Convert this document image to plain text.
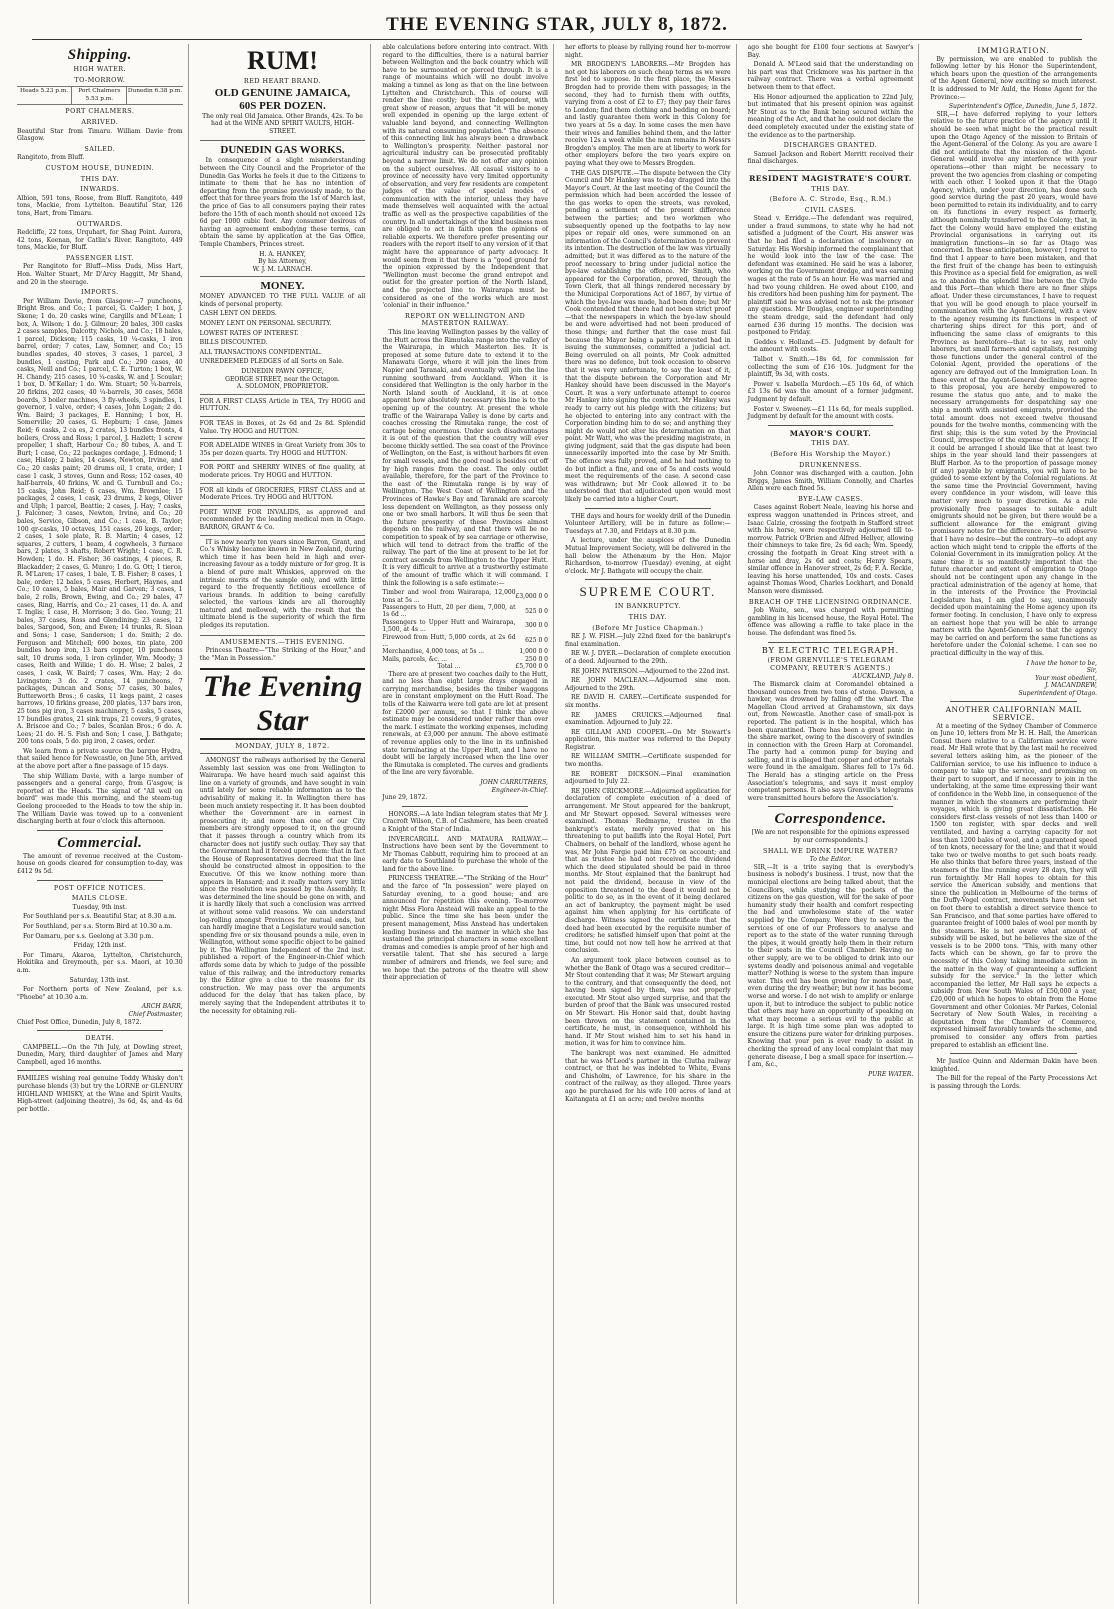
THE EVENING STAR, JULY 8, 1872.
Shipping.
HIGH WATER.
TO-MORROW.
Heads 5.23 p.m.	Port Chalmers 5.53 p.m.
Dunedin 6.38 p.m.
PORT CHALMERS.
ARRIVED.

Beautiful Star from Timaru. William Davie from Glasgow.

SAILED.

Rangitoto, from Bluff.

CUSTOM HOUSE, DUNEDIN.
THIS DAY.
INWARDS.

Albion, 591 tons, Roose, from Bluff. Rangitoto, 449 tons, Mackie, from Lyttelton. Beautiful Star, 126 tons, Hart, from Timaru.

OUTWARDS.

Redcliffe, 22 tons, Urquhart, for Shag Point. Aurora, 42 tons, Keenan, for Catlin's River. Rangitoto, 449 tons, Mackie, for Bluff.

PASSENGER LIST.

Per Rangitoto for Bluff—Miss Duds, Miss Hart, Hon. Walter Stuart, Mr D'Arcy Haggitt, Mr Shand, and 20 in the steerage.

IMPORTS.

Per William Davie, from Glasgow:—7 puncheons, Bright Bros. and Co.; 1 parcel, G. Calder; 1 box, J. Skene; 1 do. 20 casks wine, Cargills and M'Lean; 1 box, A. Wilson; 1 do. J. Gilmour; 20 bales, 300 casks 2 cases samples, Dalcotty, Nichols, and Co.; 18 bales, 1 parcel, Dickson; 115 casks, 10 ¼-casks, 1 iron barrel, order; 7 cates, Law, Somner, and Co.; 15 bundles spades, 40 stoves, 3 cases, 1 parcel, 3 bundles, 1 casting, Park and Co.; 290 cases, 40 casks, Neill and Co.; 1 parcel, C. E. Turton; 1 box, W. H. Chandy; 215 cases, 10 ¼-casks, W. and J. Scoular; 1 box, D. M'Kellar; 1 do. Wm. Stuart; 50 ¼-barrels, 20 firkins, 202 cases, 40 ¼-barrels, 30 cases, 5658 boards, 3 boiler machines, 3 fly-wheels, 3 spindles, 1 governor, 1 valve, order; 4 cases, John Logan; 2 do. Wm. Baird; 3 packages, E. Hanning; 1 box, H. Somerville; 20 cases, G. Hepburn; 1 case, James Reid; 6 casks, 2 ca es, 2 crates, 13 bundles fronts, 4 boilers, Cross and Ross; 1 parcel, J. Hazlett; 1 screw propeller, 1 shaft, Harbour Co.; 80 tubes, A. and T. Burt; 1 case, Co.; 22 packages cordage, J. Edmond; 1 case, Hislop; 2 bales, 14 cases, Newton, Irvine, and Co.; 20 casks paint; 20 drums oil, 1 crate, order; 1 case 1 cask, 3 stoves, Gunn and Ross; 152 cases, 40 half-barrels, 40 firkins, W. and G. Turnbull and Co.; 15 casks, John Reid; 6 cases, Wm. Brownlee; 15 packages, 2 cases, 1 cask, 23 drums, 2 kegs, Oliver and Ulph; 1 parcel, Beattie; 2 cases, J. Hay; 7 casks, J. Falconer; 3 cases, Newton, Irvine, and Co.; 20 bales, Service, Gibson, and Co.; 1 case, B. Taylor; 100 qr-casks, 10 octaves, 151 cases, 20 kegs, order; 2 cases, 1 sole plate, R. B. Martin; 4 cases, 12 squares, 2 cutters, 1 beam, 4 cogwheels, 3 furnace bars, 2 plates, 3 shafts, Robert Wright; 1 case, C. R. Howden; 1 do. H. Fisher; 36 castings, 4 pieces, R. Blackadder; 2 cases, G. Munro; 1 do. G. Ott; 1 tierce, R. M'Laren; 17 cases, 1 bale, T. B. Fisher; 8 cases, 1 bale, order; 12 bales, 5 cases, Herbert, Haynes, and Co.; 10 cases, 5 bales, Mair and Garven; 3 cases, 1 bale, 2 rolls, Brown, Ewing, and Co.; 29 bales, 47 cases, Ring, Harris, and Co.; 21 cases, 11 do. A. and T. Inglis; 1 case, H. Morrison; 3 do. Geo. Young; 21 bales, 37 cases, Ross and Glendining; 23 cases, 12 bales, Sargood, Son, and Ewen; 14 trunks, R. Sloan and Sons; 1 case, Sanderson; 1 do. Smith; 2 do. Ferguson and Mitchell; 690 boxes, tin plate, 200 bundles hoop iron, 13 bars copper, 10 puncheons salt, 10 drums soda, 1 iron cylinder, Wm. Moody; 3 cases, Reith and Wilkie; 1 do. H. Wise; 2 bales, 2 cases, 1 cask, W. Baird; 7 cases, Wm. Hay; 2 do. Livingston; 3 do. 2 crates, 14 puncheons, 7 packages, Duncan and Sons; 57 cases, 30 bales, Butterworth Bros.; 6 casks, 11 kegs paint, 2 cases harrows, 10 firkins grease, 200 plates, 137 bars iron, 25 tons pig iron, 3 cases machinery, 5 casks, 5 cases, 17 bundles grates, 21 sink traps, 21 covers, 9 grates, A. Briscoe and Co.; 7 bales, Scanlan Bros.; 6 do. A. Lees; 21 do. H. S. Fish and Son; 1 case, J. Bathgate; 200 tons coals, 5 do. pig iron, 2 cases, order.

We learn from a private source the barque Hydra, that sailed hence for Newcastle, on June 5th, arrived at the above port after a fine passage of 15 days.

The ship William Davie, with a large number of passengers and a general cargo, from G'asgow, is reported at the Heads. The signal of "All well on board" was made this morning, and the steam-tug Geelong proceeded to the Heads to tow the ship in. The William Davie was towed up to a convenient discharging berth at four o'clock this afternoon.

Commercial.

The amount of revenue received at the Custom-house on goods cleared for consumption to-day, was £412 9s 5d.

POST OFFICE NOTICES.
MAILS CLOSE.

Tuesday, 9th inst.

For Southland per s.s. Beautiful Star, at 8.30 a.m.

For Southland, per s.s. Storm Bird at 10.30 a.m.

For Oamaru, per s.s. Geelong at 3.30 p.m.

Friday, 12th inst.

For Timaru, Akaroa, Lyttelton, Christchurch, Hokitika and Greymouth, per s.s. Maori, at 10.30 a.m.

Saturday, 13th inst.

For Northern ports of New Zealand, per s.s. "Phoebe" at 10.30 a.m.

ARCH BARR,
Chief Postmaster,

Chief Post Office, Dunedin, July 8, 1872.

DEATH.

CAMPBELL.—On the 7th July, at Dowling street, Dunedin, Mary, third daughter of James and Mary Campbell, aged 16 months.

FAMILIES wishing real genuine Toddy Whisky don't purchase blends (3) but try the LORNE or GLENURY HIGHLAND WHISKY, at the Wine and Spirit Vaults, High-street (adjoining theatre), 3s 6d, 4s, and 4s 6d per bottle.

RUM!
RED HEART BRAND.
OLD GENUINE JAMAICA,
60S PER DOZEN.

The only real Old Jamaica. Other Brands, 42s. To be had at the WINE AND SPIRIT VAULTS, HIGH-STREET.

DUNEDIN GAS WORKS.

In consequence of a slight misunderstanding between the City Council and the Proprietor of the Dunedin Gas Works he feels it due to the Citizens to intimate to them that he has no intention of departing from the promise previously made, to the effect that for three years from the 1st of March last, the price of Gas to all consumers paying their rates before the 15th of each month should not exceed 12s 6d per 1000 cubic feet. Any consumer desirous of having an agreement embodying these terms, can obtain the same by application at the Gas Office, Temple Chambers, Princes street.

H. A. HANKEY,
By his Attorney,
W. J. M. LARNACH.
MONEY.

MONEY ADVANCED TO THE FULL VALUE of all kinds of personal property.

CASH LENT ON DEEDS.

MONEY LENT ON PERSONAL SECURITY.

LOWEST RATES OF INTEREST.

BILLS DISCOUNTED.

ALL TRANSACTIONS CONFIDENTIAL.

UNREDEEMED PLEDGES of all Sorts on Sale.

DUNEDIN PAWN OFFICE,
GEORGE STREET, near the Octagon.
A. SOLOMON, PROPRIETOR.
FOR A FIRST CLASS Article in TEA, Try HOGG and HUTTON.
FOR TEAS in Boxes, at 2s 6d and 2s 8d. Splendid Value. Try HOGG and HUTTON.
FOR ADELAIDE WINES in Great Variety from 30s to 35s per dozen quarts. Try HOGG and HUTTON.
FOR PORT and SHERRY WINES of fine quality, at moderate prices. Try HOGG and HUTTON.
FOR all kinds of GROCERIES, FIRST CLASS and at Moderate Prices. Try HOGG and HUTTON.
PORT WINE FOR INVALIDS, as approved and recommended by the leading medical men in Otago. BARRON, GRANT & Co.

IT is now nearly ten years since Barron, Grant, and Co.'s Whisky became known in New Zealand, during which time it has been held in high and ever-increasing favour as a toddy mixture or for grog. It is a blend of pure malt Whiskies, approved on the intrinsic merits of the sample only, and with little regard to the frequently fictitious excellence of various brands. In addition to being carefully selected, the various kinds are all thoroughly matured and mellowed, with the result that the ultimate blend is the superiority of which the firm pledges its reputation.

AMUSEMENTS.—THIS EVENING.

Princess Theatre—"The Striking of the Hour," and the "Man in Possession."

The Evening Star
MONDAY, JULY 8, 1872.

AMONGST the railways authorised by the General Assembly last session was one from Wellington to Wairarapa. We have heard much said against this line on a variety of grounds, and have sought in vain until lately for some reliable information as to the advisability of making it. In Wellington there has been much anxiety respecting it. It has been doubted whether the Government are in earnest in prosecuting it; and more than one of our City members are strongly opposed to it, on the ground that it passes through a country which from its character does not justify such outlay. They say that the Government had it forced upon them: that in fact the House of Representatives decreed that the line should be constructed almost in opposition to the Executive. Of this we know nothing more than appears in Hansard; and it really matters very little since the resolution was passed by the Assembly. It was determined the line should be gone on with, and it is hardly likely that such a conclusion was arrived at without some valid reasons. We can understand log-rolling amongst Provinces for mutual ends, but can hardly imagine that a Legislature would sanction spending five or six thousand pounds a mile, even in Wellington, without some specific object to be gained by it. The Wellington Independent of the 2nd inst. published a report of the Engineer-in-Chief which affords some data by which to judge of the possible value of this railway, and the introductory remarks by the Editor give a clue to the reasons for its construction. We may pass over the arguments adduced for the delay that has taken place, by merely saying that the Independent attributes it to the necessity for obtaining reli-

able calculations before entering into contract. With regard to the difficulties, there is a natural barrier between Wellington and the back country which will have to be surmounted or pierced through. It is a range of mountains which will no doubt involve making a tunnel as long as that on the line between Lyttelton and Christchurch. This of course will render the line costly; but the Independent, with great show of reason, argues that "it will be money well expended in opening up the large extent of valuable land beyond, and connecting Wellington with its natural consuming population." The absence of this connecting link has always been a drawback to Wellington's prosperity. Neither pastoral nor agricultural industry can be prosecuted profitably beyond a narrow limit. We do not offer any opinion on the subject ourselves. All casual visitors to a province of necessity have very limited opportunity of observation, and very few residents are competent judges of the value of special modes of communication with the interior, unless they have made themselves well acquainted with the actual traffic as well as the prospective capabilities of the country. In all undertakings of the kind business men are obliged to act in faith upon the opinions of reliable experts. We therefore prefer presenting our readers with the report itself to any version of it that might have the appearance of party advocacy. It would seem from it that there is a "good ground for the opinion expressed by the Independent that "Wellington must become the grand entrepot and outlet for the greater portion of the North Island, and the projected line to Wairarapa must be considered as one of the works which are most 'colonial' in their influence."

REPORT ON WELLINGTON AND MASTERTON RAILWAY.

This line leaving Wellington passes by the valley of the Hutt across the Rimutaka range into the valley of the Wairarapa, in which Masterton lies. It is proposed at some future date to extend it to the Manawatu Gorge, where it will join the lines from Napier and Taranaki, and eventually will join the line running southward from Auckland. When it is considered that Wellington is the only harbor in the North Island south of Auckland, it is at once apparent how absolutely necessary this line is to the opening up of the country. At present the whole traffic of the Wairarapa Valley is done by carts and coaches crossing the Rimutaka range, the cost of cartage being enormous. Under such disadvantages it is out of the question that the country will ever become thickly settled. The sea coast of the Province of Wellington, on the East, is without harbors fit even for small vessels, and the good road is besides cut off by high ranges from the coast. The only outlet available, therefore, for the part of the Province to the east of the Rimutaka range is by way of Wellington. The West Coast of Wellington and the Provinces of Hawke's Bay and Taranaki are scarcely less dependent on Wellington, as they possess only one or two small harbors. It will thus be seen that the future prosperity of these Provinces almost depends on the railway, and that there will be no competition to speak of by sea carriage or otherwise, which will tend to detract from the traffic of the railway. The part of the line at present to be let for contract ascends from Wellington to the Upper Hutt. It is very difficult to arrive at a trustworthy estimate of the amount of traffic which it will command. I think the following is a safe estimate:—

Timber and wool from Wairarapa, 12,000 tons at 5s ...	£3,000 0 0
Passengers to Hutt, 20 per diem, 7,000, at 1s 6d ...	525 0 0
Passengers to Upper Hutt and Wairarapa, 1,500, at 4s ...	300 0 0
Firewood from Hutt, 5,000 cords, at 2s 6d ...	625 0 0
Merchandise, 4,000 tons, at 5s ...	1,000 0 0
Mails, parcels, &c. ...	250 0 0
Total ...	£5,700 0 0

There are at present two coaches daily to the Hutt, and no less than eight large drays engaged in carrying merchandise, besides the timber waggons are in constant employment on the Hutt Road. The tolls of the Kaiwarra were toll gate are let at present for £2000 per annum, so that I think the above estimate may be considered under rather than over the mark. I estimate the working expenses, including renewals, at £3,000 per annum. The above estimate of revenue applies only to the line in its unfinished state terminating at the Upper Hutt, and I have no doubt will be largely increased when the line over the Rimutaka is completed. The curves and gradients of the line are very favorable.

JOHN CARRUTHERS,
Engineer-in-Chief.

June 29, 1872.

HONORS.—A late Indian telegram states that Mr J. Cracroft Wilson, C.B. of Cashmere, has been created a Knight of the Star of India.

INVERCARGILL AND MATAURA RAILWAY.—Instructions have been sent by the Government to Mr Thomas Cabbutt, requiring him to proceed at an early date to Southland to purchase the whole of the land for the above line.

PRINCESS THEATRE.—"The Striking of the Hour" and the farce of "In possession" were played on Saturday evening, to a good house; and are announced for repetition this evening. To-morrow night Miss Flora Anstead will make an appeal to the public. Since the time she has been under the present management, Miss Anstead has undertaken leading business and the manner in which she has sustained the principal characters in some excellent dramas and comedies is ample proof of her high and versatile talent. That she has secured a large number of admirers and friends, we feel sure; and we hope that the patrons of the theatre will show their appreciation of

her efforts to please by rallying round her to-morrow night.

MR BROGDEN'S LABORERS.—Mr Brogden has not got his laborers on such cheap terms as we were first led to suppose. In the first place, the Messrs Brogden had to provide them with passages; in the second, they had to furnish them with outfits, varying from a cost of £2 to £7; they pay their fares to London; find them clothing and bedding on board; and lastly guarantee them work in this Colony for two years at 5s a day. In some cases the men have their wives and families behind them, and the latter receive 12s a week while the man remains in Messrs Brogden's employ. The men are at liberty to work for other employers before the two years expire on paying what they owe to Messrs Brogden.

THE GAS DISPUTE.—The dispute between the City Council and Mr Hankey was to-day dragged into the Mayor's Court. At the last meeting of the Council the permission which had been accorded the lessee of the gas works to open the streets, was revoked, pending a settlement of the present difference between the parties; and two workmen who subsequently opened up the footpaths to lay new pipes or repair old ones, were summoned on an information of the Council's determination to prevent its intention. The destruction of the law was virtually admitted; but it was differed as to the nature of the proof necessary to bring under judicial notice the bye-law establishing the offence. Mr Smith, who appeared for the Corporation, proved, through the Town Clerk, that all things rendered necessary by the Municipal Corporations Act of 1867, by virtue of which the bye-law was made, had been done; but Mr Cook contended that there had not been strict proof—that the newspapers in which the bye-law should be and were advertised had not been produced of those things; and further that the case must fail because the Mayor being a party interested had in issuing the summonses, committed a judicial act. Being overruled on all points, Mr Cook admitted there was no defence, but took occasion to observe that it was very unfortunate, to say the least of it, that the dispute between the Corporation and Mr Hankey should have been discussed in the Mayor's Court. It was a very unfortunate attempt to coerce Mr Hankey into signing the contract. Mr Hankey was ready to carry out his pledge with the citizens; but he objected to entering into any contract with the Corporation binding him to do so; and anything they might do would not alter his determination on that point. Mr Watt, who was the presiding magistrate, in giving judgment, said that the gas dispute had been unnecessarily imported into the case by Mr Smith. The offence was fully proved, and he had nothing to do but inflict a fine, and one of 5s and costs would meet the requirements of the case. A second case was withdrawn; but Mr Cook allowed it to be understood that that adjudicated upon would most likely be carried into a higher Court.

THE days and hours for weekly drill of the Dunedin Volunteer Artillery, will be in future as follow:—Tuesdays at 7.30, and Fridays at 8.30 p.m.

A lecture, under the auspices of the Dunedin Mutual Improvement Society, will be delivered in the hall below the Athenæum by the Hon. Major Richardson, to-morrow (Tuesday) evening, at eight o'clock. Mr J. Bathgate will occupy the chair.

SUPREME COURT.
IN BANKRUPTCY.
THIS DAY.
(Before Mr Justice Chapman.)

RE J. W. FISH.—July 22nd fixed for the bankrupt's final examination.

RE W. J. DYER.—Declaration of complete execution of a deed. Adjourned to the 29th.

RE JOHN PATERSON.—Adjourned to the 22nd inst.

RE JOHN MACLEAN.—Adjourned sine mon. Adjourned to the 29th.

RE DAVID H. CAREY.—Certificate suspended for six months.

RE JAMES CRUICKS.—Adjourned final examination. Adjourned to July 22.

RE GILLAM AND COOPER.—On Mr Stewart's application, this matter was referred to the Deputy Registrar.

RE WILLIAM SMITH.—Certificate suspended for two months.

RE ROBERT DICKSON.—Final examination adjourned to July 22.

RE JOHN CRICKMORE.—Adjourned application for declaration of complete execution of a deed of arrangement. Mr Stout appeared for the bankrupt, and Mr Stewart opposed. Several witnesses were examined. Thomas Redmayne, trustee in the bankrupt's estate, merely proved that on his threatening to put bailiffs into the Royal Hotel, Port Chalmers, on behalf of the landlord, whose agent he was, Mr John Fargie paid him £75 on account; and that as trustee he had not received the dividend which the deed stipulated should be paid in three months. Mr Stout explained that the bankrupt had not paid the dividend, because in view of the opposition threatened to the deed it would not be politic to do so, as in the event of it being declared an act of bankruptcy, the payment might be used against him when applying for his certificate of discharge. Witness signed the certificate that the deed had been executed by the requisite number of creditors; he satisfied himself upon that point at the time, but could not now tell how he arrived at that conclusion.

An argument took place between counsel as to whether the Bank of Otago was a secured creditor—Mr Stout contending that it was; Mr Stewart arguing to the contrary, and that consequently the deed, not having been signed by them, was not properly executed. Mr Stout also urged surprise, and that the burden of proof that the Bank was unsecured rested on Mr Stewart. His Honor said that, doubt having been thrown on the statement contained in the certificate, he must, in consequence, withhold his hand. If Mr Stout wished him to set his hand in motion, it was for him to convince him.

The bankrupt was next examined. He admitted that he was M'Leod's partner in the Clutha railway contract, or that he was indebted to White, Evans and Chisholm, of Lawrence, for his share in the contract of the railway, as they alleged. Three years ago he purchased for his wife 100 acres of land at Kaitangata at £1 an acre; and twelve months

ago she bought for £100 four sections at Sawyer's Bay.

Donald A. M'Leod said that the understanding on his part was that Crickmore was his partner in the railway contract. There was a verbal agreement between them to that effect.

His Honor adjourned the application to 22nd July, but intimated that his present opinion was against Mr Stout as to the Bank being secured within the meaning of the Act, and that he could not declare the deed completely executed under the existing state of the evidence as to the partnership.

DISCHARGES GRANTED.

Samuel Jackson and Robert Merritt received their final discharges.

RESIDENT MAGISTRATE'S COURT.
THIS DAY.
(Before A. C. Strode, Esq., R.M.)
CIVIL CASES.

Stead v. Erridge.—The defendant was required, under a fraud summons, to state why he had not satisfied a judgment of the Court. His answer was that he had filed a declaration of insolvency on Saturday. His Worship informed the complainant that he would look into the law of the case. The defendant was examined. He said he was a laborer, working on the Government dredge, and was earning wages at the rate of 5s an hour. He was married and had two young children. He owed about £100, and his creditors had been pushing him for payment. The plaintiff said he was advised not to ask the prisoner any questions. Mr Douglas, engineer superintending the steam dredge, said the defendant had only earned £36 during 15 months. The decision was postponed to Friday.

Geddes v. Holland.—£5. Judgment by default for the amount with costs.

Talbot v. Smith.—18s 6d, for commission for collecting the sum of £16 10s. Judgment for the plaintiff, 9s 3d, with costs.

Power v. Isabella Murdoch.—£5 10s 6d, of which £3 13s 6d was the amount of a former judgment. Judgment by default.

Foster v. Sweeney.—£1 11s 6d, for meals supplied. Judgment by default for the amount with costs.

MAYOR'S COURT.
THIS DAY.
(Before His Worship the Mayor.)
DRUNKENNESS.

John Connor was discharged with a caution. John Briggs, James Smith, William Connolly, and Charles Allen were each fined 5s.

BYE-LAW CASES.

Cases against Robert Neale, leaving his horse and express waggon unattended in Princes street, and Isaac Calzie, crossing the footpath in Stafford street with his horse, were respectively adjourned till to-morrow. Patrick O'Brien and Alfred Hellyer, allowing their chimneys to take fire, 2s 6d each; Wm. Speedy, crossing the footpath in Great King street with a horse and dray, 2s 6d and costs; Henry Spears, similar offence in Hanover street, 2s 6d; F. A. Reckie, leaving his horse unattended, 10s and costs. Cases against Thomas Wood, Charles Lockhart, and Donald Manson were dismissed.

BREACH OF THE LICENSING ORDINANCE.

Job Waite, sen., was charged with permitting gambling in his licensed house, the Royal Hotel. The offence was allowing a raffle to take place in the house. The defendant was fined 5s.

BY ELECTRIC TELEGRAPH.
(FROM GRENVILLE'S TELEGRAM COMPANY, REUTER'S AGENTS.)
AUCKLAND, July 8.

The Bismarck claim at Coromandel obtained a thousand ounces from two tons of stone. Dawson, a hawker, was drowned by falling off the wharf. The Magellan Cloud arrived at Grahamstown, six days out, from Newcastle. Another case of small-pox is reported. The patient is in the hospital, which has been quarantined. There has been a great panic in the share market, owing to the discovery of swindles in connection with the Green Harp at Coromandel. The party had a common pump for buying and selling, and it is alleged that copper and other metals were found in the amalgam. Shares fell to 17s 6d. The Herald has a stinging article on the Press Association's telegrams, and says it must employ competent persons. It also says Grenville's telegrams were transmitted hours before the Association's.

Correspondence.

[We are not responsible for the opinions expressed by our correspondents.]

SHALL WE DRINK IMPURE WATER?
To the Editor.

SIR,—It is a trite saying that is everybody's business is nobody's business. I trust, now that the municipal elections are being talked about, that the Councillors, while studying the pockets of the citizens on the gas question, will for the sake of poor humanity study their health and comfort respecting the bad and unwholesome state of the water supplied by the Company. Were they to secure the services of one of our Professors to analyse and report as to the state of the water running through the pipes, it would greatly help them in their return to their seats in the Council Chamber. Having no other supply, are we to be obliged to drink into our systems deadly and poisonous animal and vegetable matter? Nothing is worse to the system than impure water. This evil has been growing for months past, even during the dry weather; but now it has become worse and worse. I do not wish to amplify or enlarge upon it, but to introduce the subject to public notice that others may have an opportunity of speaking on what may become a serious evil to the public at large. It is high time some plan was adopted to ensure the citizens pure water for drinking purposes. Knowing that your pen is ever ready to assist in checking the spread of any local complaint that may generate disease, I beg a small space for insertion.—I am, &c.,

PURE WATER.
IMMIGRATION.

By permission, we are enabled to publish the following letter by his Honor the Superintendent, which bears upon the question of the arrangements of the Agent General, now exciting so much interest. It is addressed to Mr Auld, the Home Agent for the Province:—

Superintendent's Office, Dunedin, June 5, 1872.

SIR,—I have deferred replying to your letters relative to the future practice of the agency until it should be seen what might be the practical result upon the Otago Agency of the mission to Britain of the Agent-General of the Colony. As you are aware I did not anticipate that the mission of the Agent-General would involve any interference with your operations—other than might be necessary to prevent the two agencies from clashing or competing with each other. I looked upon it that the Otago Agency, which, under your direction, has done such good service during the past 20 years, would have been permitted to retain its individuality, and to carry on its functions in every respect as formerly, although nominally transferred to the Colony; that, in fact the Colony would have employed the existing Provincial organisations in carrying out its immigration functions—in so far as Otago was concerned. In these anticipation, however, I regret to find that I appear to have been mistaken, and that the first fruit of the change has been to extinguish this Province as a special field for emigration, as well as to abandon the splendid line between the Clyde and this Port—than which there are no finer ships afloat. Under these circumstances, I have to request that you will be good enough to place yourself in communication with the Agent-General, with a view to the agency resuming its functions in respect of chartering ships direct for this port, and of influencing the same class of emigrants to this Province as heretofore—that is to say, not only laborers, but small farmers and capitalists, resuming those functions under the general control of the Colonial Agent, provided the operations of the agency are defrayed out of the Immigration Loan. In these event of the Agent-General declining to agree to this proposal, you are hereby empowered to resume the status quo ante, and to make the necessary arrangements for despatching say one ship a month with assisted emigrants, provided the total amount does not exceed twelve thousand pounds for the twelve months, commencing with the first ship; this is the sum voted by the Provincial Council, irrespective of the expense of the Agency. If it could be arranged I should like that at least two ships in the year should land their passengers at Bluff Harbor. As to the proportion of passage money (if any) payable by emigrants, you will have to be guided to some extent by the Colonial regulations. At the same time the Provincial Government, having every confidence in your wisdom, will leave this matter very much to your discretion. As a rule provisionally free passages to suitable adult emigrants should not be given, but there would be a sufficient allowance for the emigrant giving promissory notes for the difference. You will observe that I have no desire—but the contrary—to adopt any action which might tend to cripple the efforts of the Colonial Government in its immigration policy. At the same time it is so manifestly important that the future character and extent of emigration to Otago should not be contingent upon any change in the practical administration of the agency at home, that in the interests of the Province the Provincial Legislature has, I am glad to say, unanimously decided upon maintaining the Home agency upon its former footing. In conclusion, I have only to express an earnest hope that you will be able to arrange matters with the Agent-General so that the agency may be carried on and perform the same functions as heretofore under the Colonial scheme. I can see no practical difficulty in the way of this.

I have the honor to be,
Sir,
Your most obedient,
J. MACANDREW,
Superintendent of Otago.
ANOTHER CALIFORNIAN MAIL SERVICE.

At a meeting of the Sydney Chamber of Commerce on June 10, letters from Mr H. H. Hall, the American Consul there relative to a Californian service were read. Mr Hall wrote that by the last mail he received several letters asking him, as the pioneer of the Californian service, to use his influence to induce a company to take up the service, and promising on their part to support, and if necessary to join in the undertaking, at the same time expressing their want of confidence in the Webb line, in consequence of the manner in which the steamers are performing their voyages, which is giving great dissatisfaction. He considers first-class vessels of not less than 1400 or 1500 ton register, with spar decks and well ventilated, and having a carrying capacity for not less than 1200 bales of wool, and a guaranteed speed of ten knots, necessary for the line; and that it would take two or twelve months to get such boats ready. He also thinks that before three years, instead of the steamers of the line running every 28 days, they will run fortnightly. Mr Hall hopes to obtain for this service the American subsidy, and mentions that since the publication in Melbourne of the terms of the Duffy-Vogel contract, movements have been set on foot there to establish a direct service thence to San Francisco, and that some parties have offered to guarantee freight of 1000 bales of wool per month by the steamers. He is not aware what amount of subsidy will be asked, but he believes the size of the vessels is to be 2000 tons. "This, with many other facts which can be shown, go far to prove the necessity of this Colony taking immediate action in the matter in the way of guaranteeing a sufficient subsidy for the service." In the letter which accompanied the letter, Mr Hall says he expects a subsidy from New South Wales of £50,000 a year, £20,000 of which he hopes to obtain from the Home Government and other Colonies. Mr Parkes, Colonial Secretary of New South Wales, in receiving a deputation from the Chamber of Commerce, expressed himself favorably towards the scheme, and promised to consider any offers from parties prepared to establish an efficient line.

Mr Justice Quinn and Alderman Dakin have been knighted.

The Bill for the repeal of the Party Processions Act is passing through the Lords.
